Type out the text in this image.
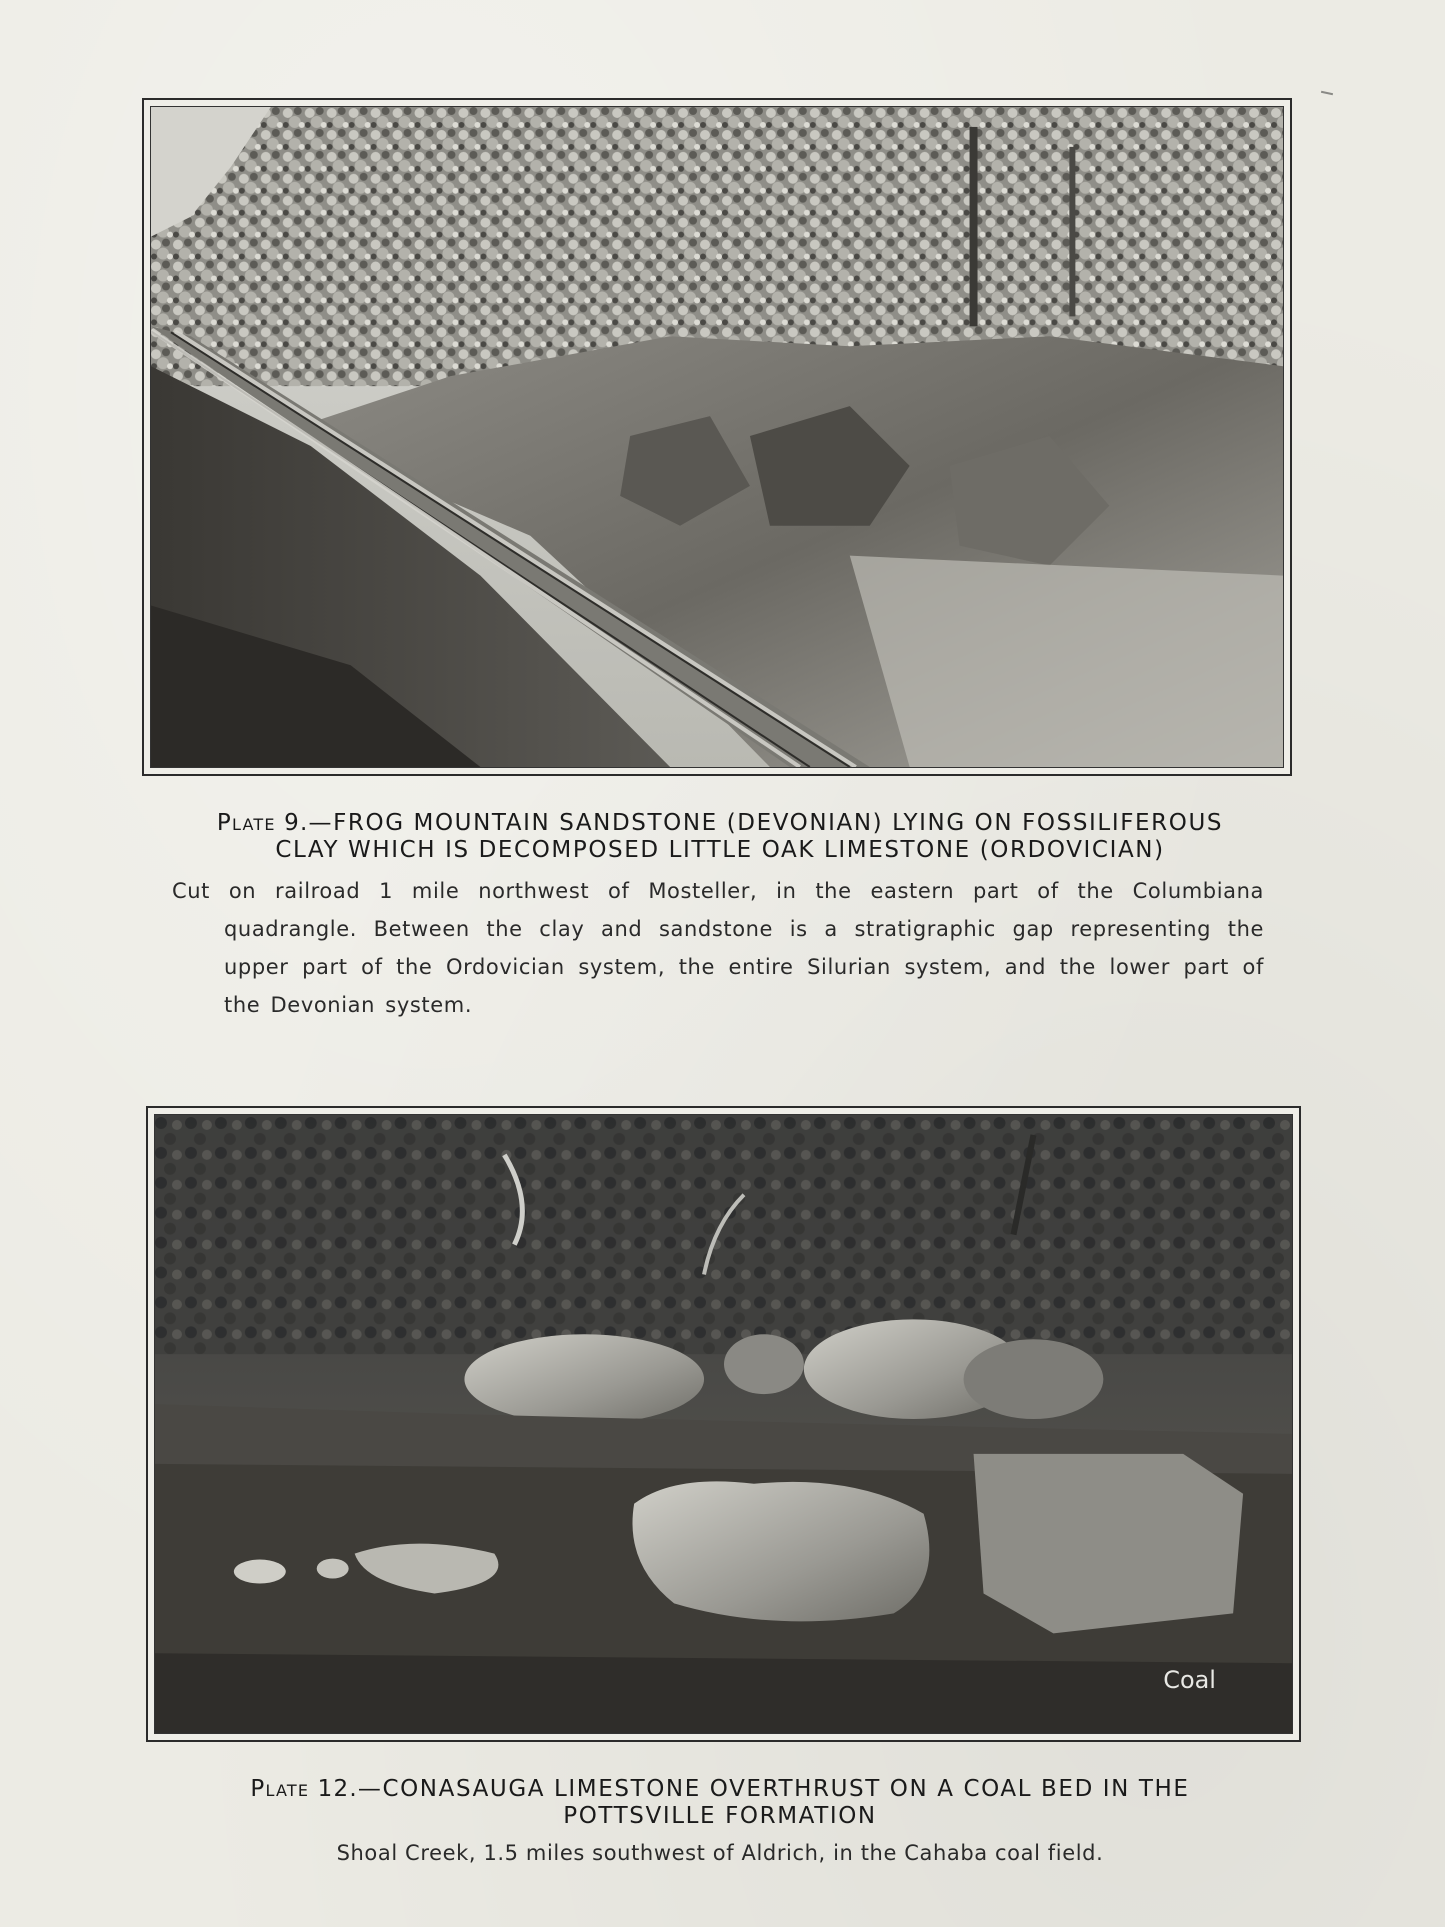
Plate 9.—FROG MOUNTAIN SANDSTONE (DEVONIAN) LYING ON FOSSILIFEROUS
CLAY WHICH IS DECOMPOSED LITTLE OAK LIMESTONE (ORDOVICIAN)
Cut on railroad 1 mile northwest of Mosteller, in the eastern part of the Columbiana quadrangle. Between the clay and sandstone is a stratigraphic gap representing the upper part of the Ordovician system, the entire Silurian system, and the lower part of the Devonian system.
Coal
Plate 12.—CONASAUGA LIMESTONE OVERTHRUST ON A COAL BED IN THE
POTTSVILLE FORMATION
Shoal Creek, 1.5 miles southwest of Aldrich, in the Cahaba coal field.
